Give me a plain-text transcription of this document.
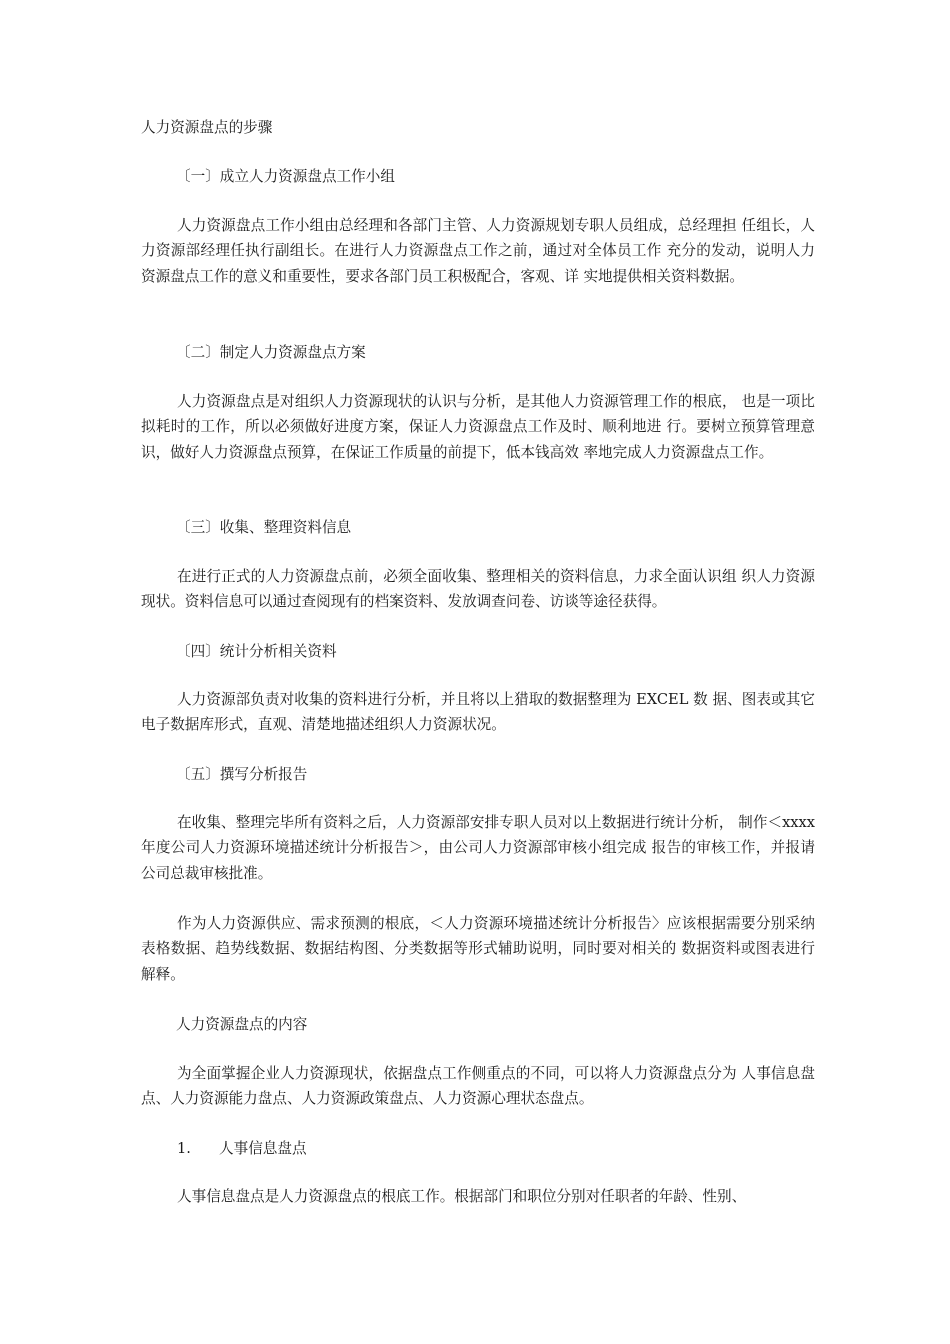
人力资源盘点的步骤

〔一〕成立人力资源盘点工作小组

人力资源盘点工作小组由总经理和各部门主管、人力资源规划专职人员组成，总经理担 任组长，人力资源部经理任执行副组长。在进行人力资源盘点工作之前，通过对全体员工作 充分的发动，说明人力资源盘点工作的意义和重要性，要求各部门员工积极配合，客观、详 实地提供相关资料数据。

〔二〕制定人力资源盘点方案

人力资源盘点是对组织人力资源现状的认识与分析，是其他人力资源管理工作的根底， 也是一项比拟耗时的工作，所以必须做好进度方案，保证人力资源盘点工作及时、顺利地进 行。要树立预算管理意识，做好人力资源盘点预算，在保证工作质量的前提下，低本钱高效 率地完成人力资源盘点工作。

〔三〕收集、整理资料信息

在进行正式的人力资源盘点前，必须全面收集、整理相关的资料信息，力求全面认识组 织人力资源现状。资料信息可以通过查阅现有的档案资料、发放调查问卷、访谈等途径获得。

〔四〕统计分析相关资料

人力资源部负责对收集的资料进行分析，并且将以上猎取的数据整理为 EXCEL 数 据、图表或其它电子数据库形式，直观、清楚地描述组织人力资源状况。

〔五〕撰写分析报告

在收集、整理完毕所有资料之后，人力资源部安排专职人员对以上数据进行统计分析， 制作＜xxxx 年度公司人力资源环境描述统计分析报告＞，由公司人力资源部审核小组完成 报告的审核工作，并报请公司总裁审核批准。

作为人力资源供应、需求预测的根底，＜人力资源环境描述统计分析报告〉应该根据需要分别采纳表格数据、趋势线数据、数据结构图、分类数据等形式辅助说明，同时要对相关的 数据资料或图表进行解释。

人力资源盘点的内容

为全面掌握企业人力资源现状，依据盘点工作侧重点的不同，可以将人力资源盘点分为 人事信息盘点、人力资源能力盘点、人力资源政策盘点、人力资源心理状态盘点。

1. 人事信息盘点

人事信息盘点是人力资源盘点的根底工作。根据部门和职位分别对任职者的年龄、性别、
